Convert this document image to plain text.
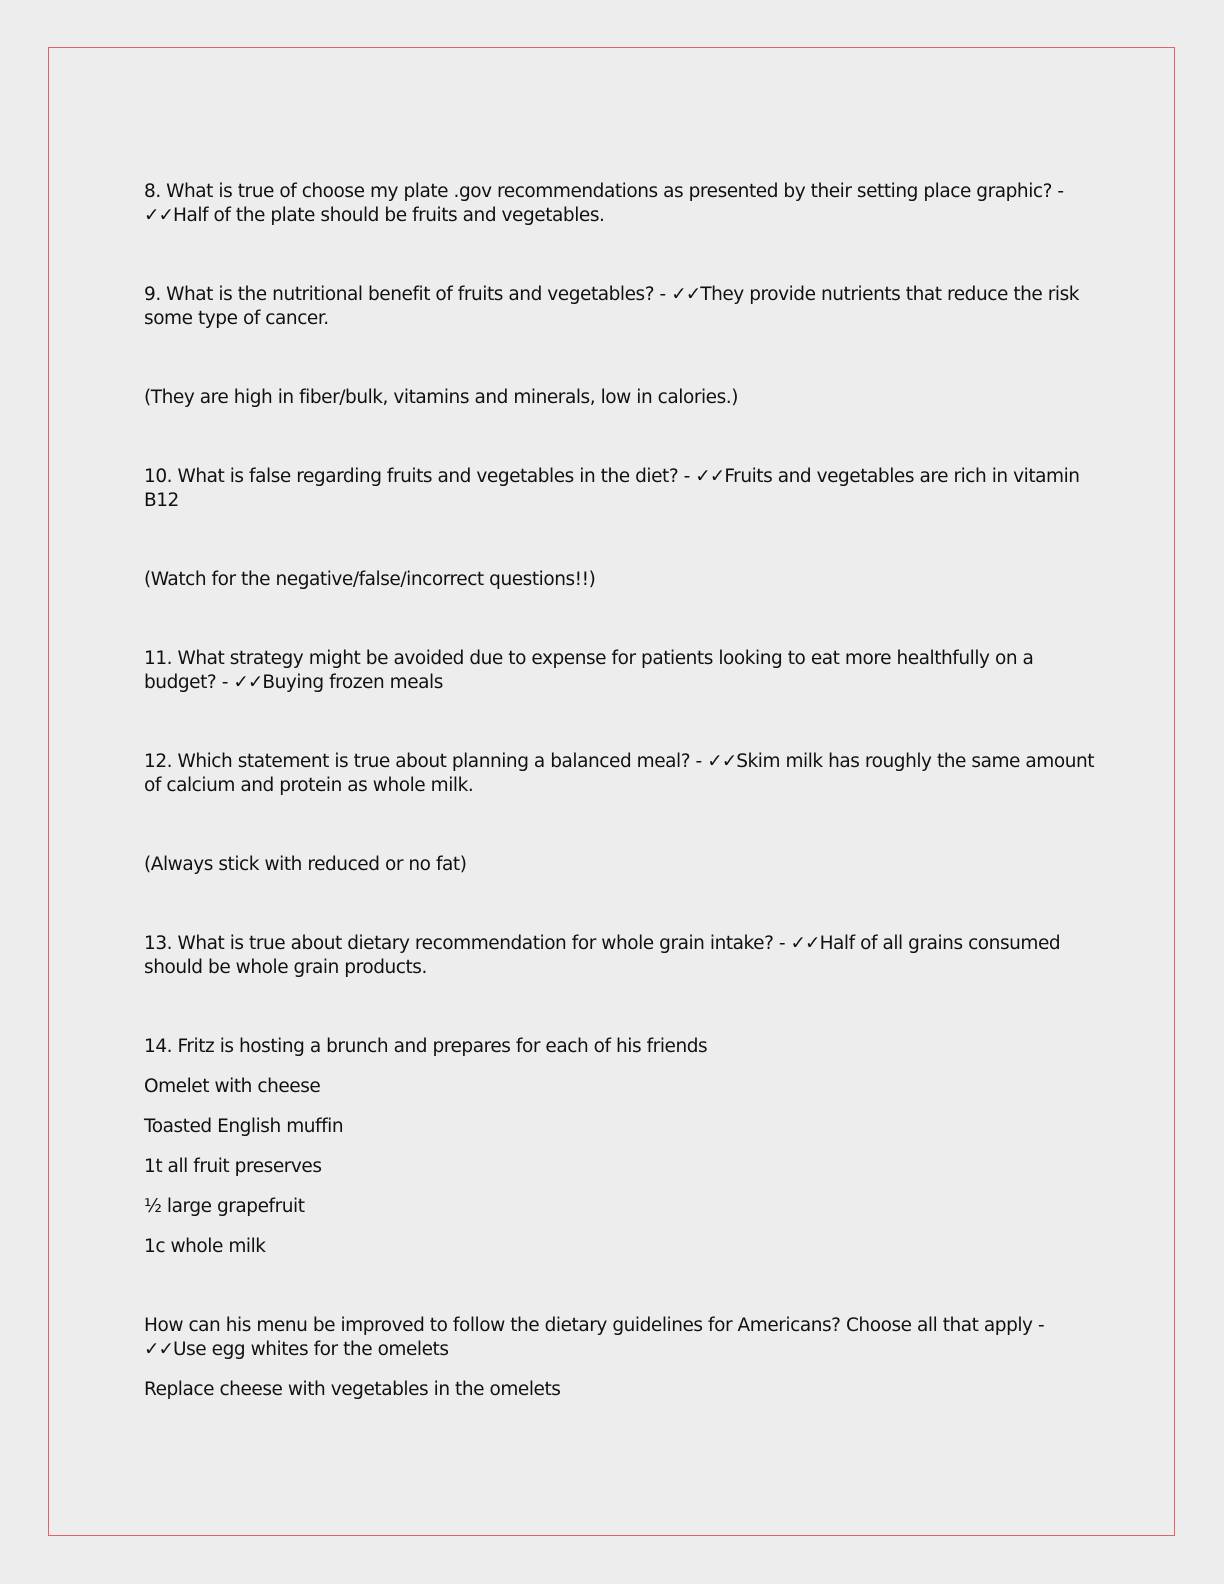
8. What is true of choose my plate .gov recommendations as presented by their setting place graphic? - ✓✓Half of the plate should be fruits and vegetables.

9. What is the nutritional benefit of fruits and vegetables? - ✓✓They provide nutrients that reduce the risk some type of cancer.

(They are high in fiber/bulk, vitamins and minerals, low in calories.)

10. What is false regarding fruits and vegetables in the diet? - ✓✓Fruits and vegetables are rich in vitamin B12

(Watch for the negative/false/incorrect questions!!)

11. What strategy might be avoided due to expense for patients looking to eat more healthfully on a budget? - ✓✓Buying frozen meals

12. Which statement is true about planning a balanced meal? - ✓✓Skim milk has roughly the same amount of calcium and protein as whole milk.

(Always stick with reduced or no fat)

13. What is true about dietary recommendation for whole grain intake? - ✓✓Half of all grains consumed should be whole grain products.

14. Fritz is hosting a brunch and prepares for each of his friends

Omelet with cheese

Toasted English muffin

1t all fruit preserves

½ large grapefruit

1c whole milk

How can his menu be improved to follow the dietary guidelines for Americans? Choose all that apply - ✓✓Use egg whites for the omelets

Replace cheese with vegetables in the omelets
